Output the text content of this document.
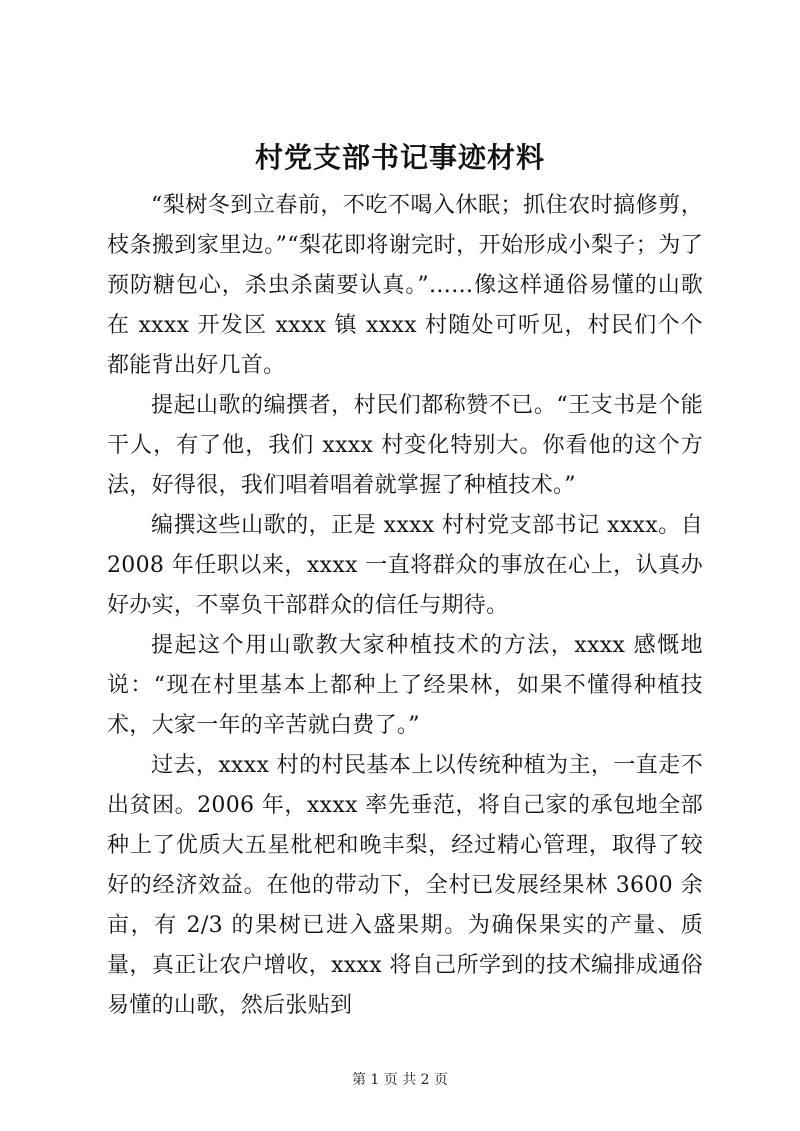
村党支部书记事迹材料

“梨树冬到立春前，不吃不喝入休眠；抓住农时搞修剪，枝条搬到家里边。”“梨花即将谢完时，开始形成小梨子；为了预防糖包心，杀虫杀菌要认真。”……像这样通俗易懂的山歌在 xxxx 开发区 xxxx 镇 xxxx 村随处可听见，村民们个个都能背出好几首。

提起山歌的编撰者，村民们都称赞不已。“王支书是个能干人，有了他，我们 xxxx 村变化特别大。你看他的这个方法，好得很，我们唱着唱着就掌握了种植技术。”

编撰这些山歌的，正是 xxxx 村村党支部书记 xxxx。自 2008 年任职以来，xxxx 一直将群众的事放在心上，认真办好办实，不辜负干部群众的信任与期待。

提起这个用山歌教大家种植技术的方法，xxxx 感慨地说：“现在村里基本上都种上了经果林，如果不懂得种植技术，大家一年的辛苦就白费了。”

过去，xxxx 村的村民基本上以传统种植为主，一直走不出贫困。2006 年，xxxx 率先垂范，将自己家的承包地全部种上了优质大五星枇杷和晚丰梨，经过精心管理，取得了较好的经济效益。在他的带动下，全村已发展经果林 3600 余亩，有 2/3 的果树已进入盛果期。为确保果实的产量、质量，真正让农户增收，xxxx 将自己所学到的技术编排成通俗易懂的山歌，然后张贴到

第 1 页 共 2 页
